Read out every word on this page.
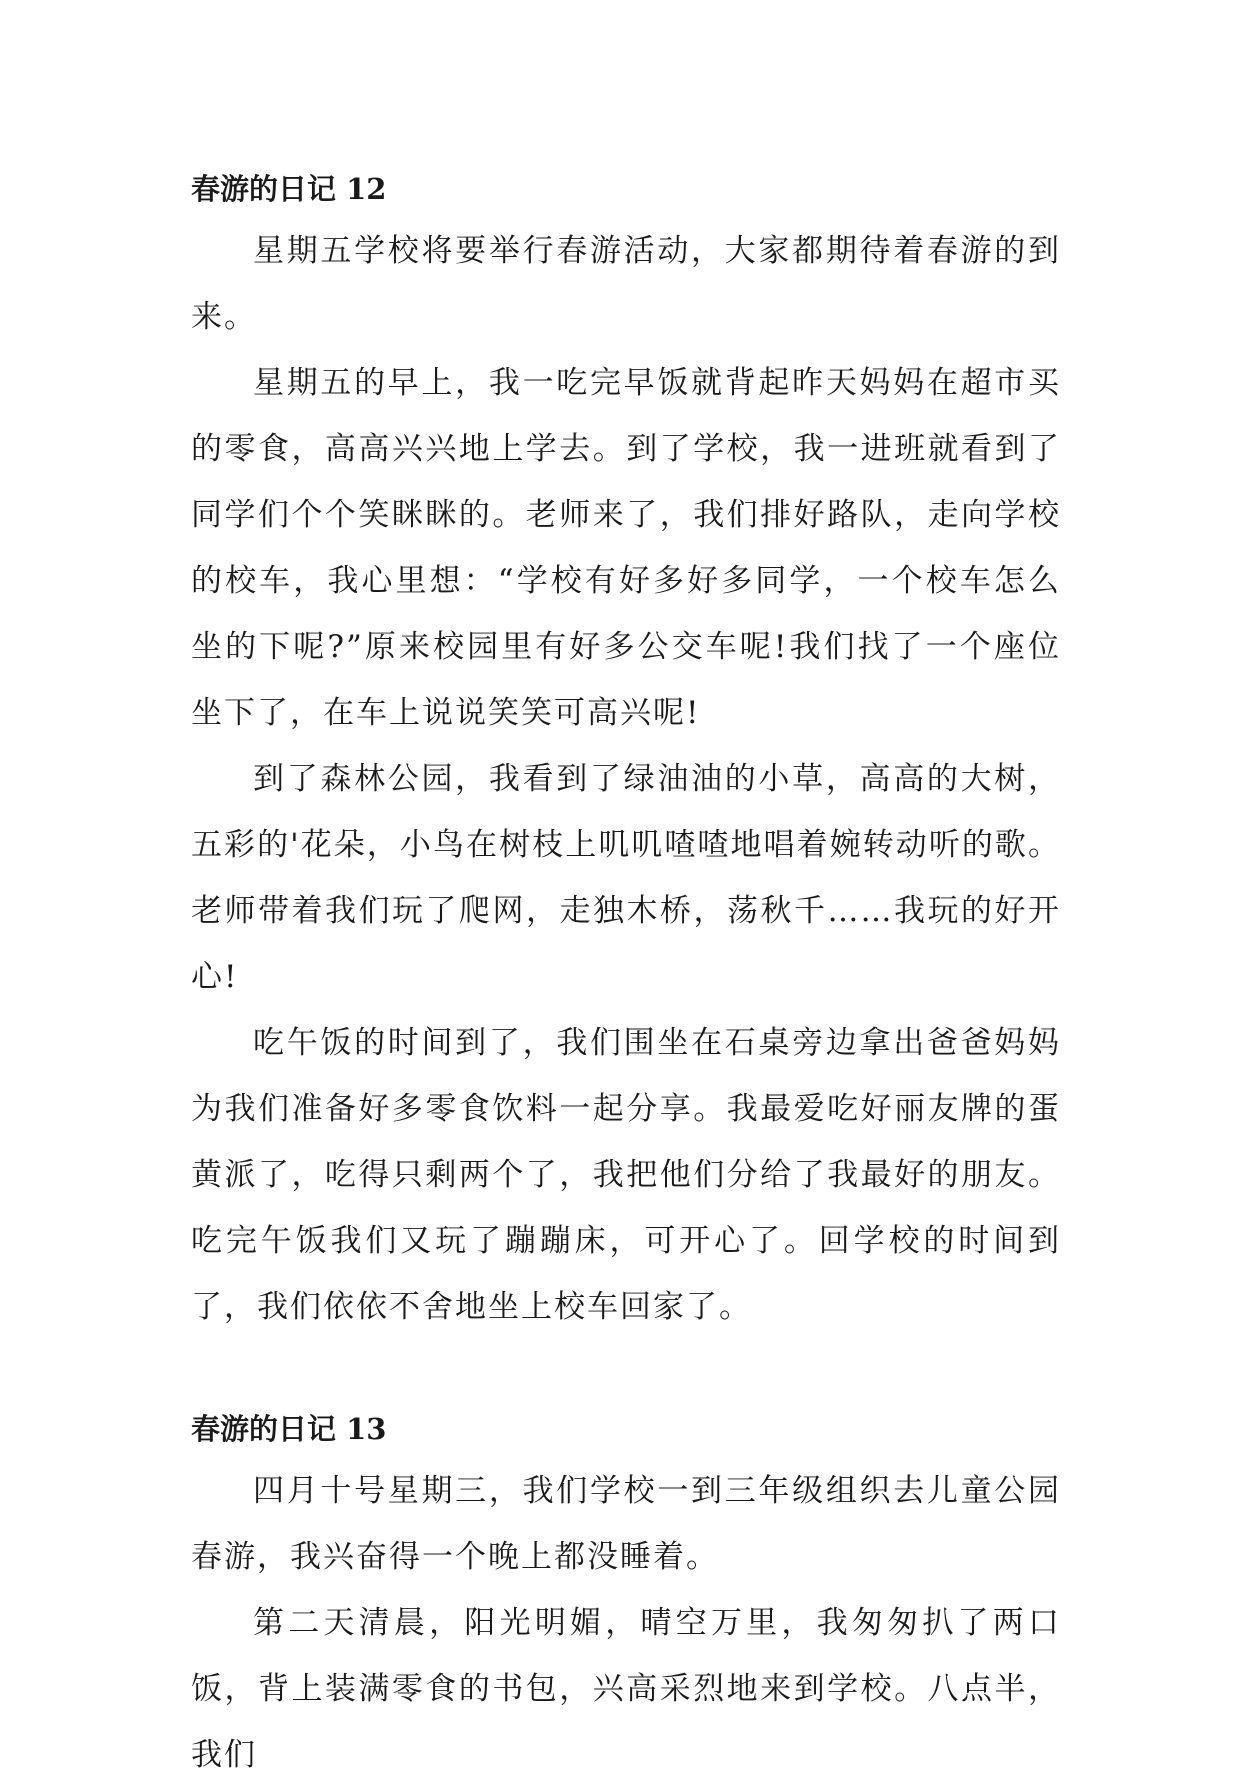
春游的日记 12

星期五学校将要举行春游活动，大家都期待着春游的到来。

星期五的早上，我一吃完早饭就背起昨天妈妈在超市买的零食，高高兴兴地上学去。到了学校，我一进班就看到了同学们个个笑眯眯的。老师来了，我们排好路队，走向学校的校车，我心里想：“学校有好多好多同学，一个校车怎么坐的下呢?”原来校园里有好多公交车呢!我们找了一个座位坐下了，在车上说说笑笑可高兴呢!

到了森林公园，我看到了绿油油的小草，高高的大树，五彩的'花朵，小鸟在树枝上叽叽喳喳地唱着婉转动听的歌。老师带着我们玩了爬网，走独木桥，荡秋千……我玩的好开心!

吃午饭的时间到了，我们围坐在石桌旁边拿出爸爸妈妈为我们准备好多零食饮料一起分享。我最爱吃好丽友牌的蛋黄派了，吃得只剩两个了，我把他们分给了我最好的朋友。吃完午饭我们又玩了蹦蹦床，可开心了。回学校的时间到了，我们依依不舍地坐上校车回家了。

春游的日记 13

四月十号星期三，我们学校一到三年级组织去儿童公园春游，我兴奋得一个晚上都没睡着。

第二天清晨，阳光明媚，晴空万里，我匆匆扒了两口饭，背上装满零食的书包，兴高采烈地来到学校。八点半，我们
